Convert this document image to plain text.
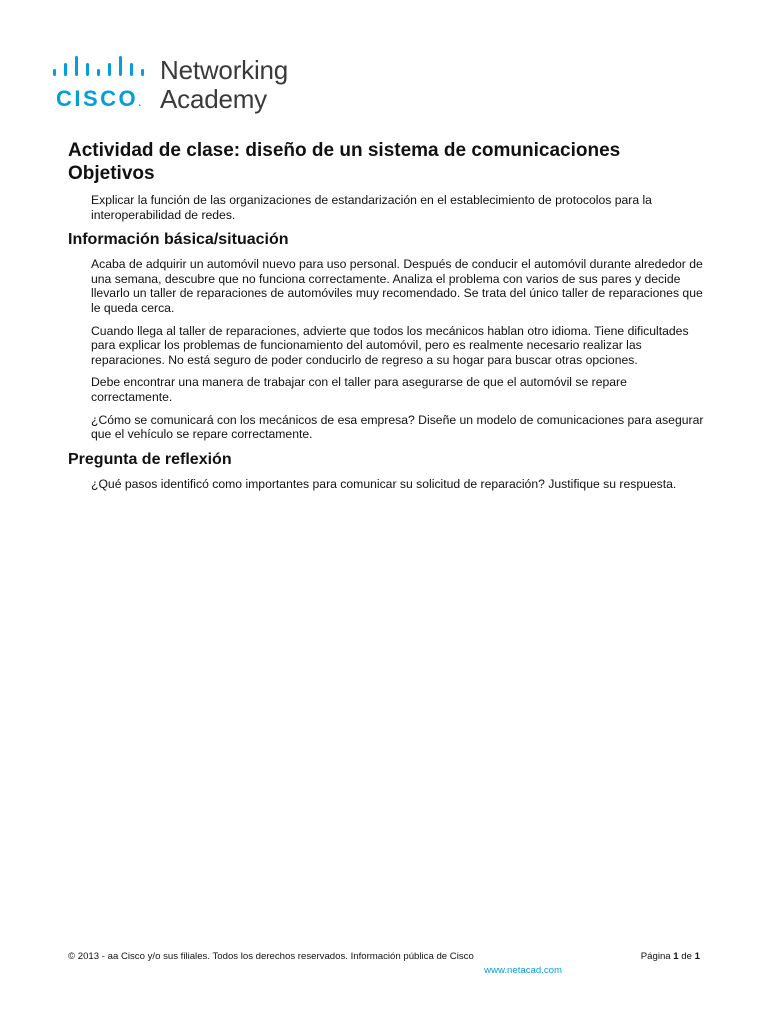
CISCO.
Networking
Academy
Actividad de clase: diseño de un sistema de comunicaciones
Objetivos

Explicar la función de las organizaciones de estandarización en el establecimiento de protocolos para la interoperabilidad de redes.

Información básica/situación

Acaba de adquirir un automóvil nuevo para uso personal. Después de conducir el automóvil durante alrededor de una semana, descubre que no funciona correctamente. Analiza el problema con varios de sus pares y decide llevarlo un taller de reparaciones de automóviles muy recomendado. Se trata del único taller de reparaciones que le queda cerca.

Cuando llega al taller de reparaciones, advierte que todos los mecánicos hablan otro idioma. Tiene dificultades para explicar los problemas de funcionamiento del automóvil, pero es realmente necesario realizar las reparaciones. No está seguro de poder conducirlo de regreso a su hogar para buscar otras opciones.

Debe encontrar una manera de trabajar con el taller para asegurarse de que el automóvil se repare correctamente.

¿Cómo se comunicará con los mecánicos de esa empresa? Diseñe un modelo de comunicaciones para asegurar que el vehículo se repare correctamente.

Pregunta de reflexión

¿Qué pasos identificó como importantes para comunicar su solicitud de reparación? Justifique su respuesta.

© 2013 - aa Cisco y/o sus filiales. Todos los derechos reservados. Información pública de Cisco	Página 1 de 1
www.netacad.com
